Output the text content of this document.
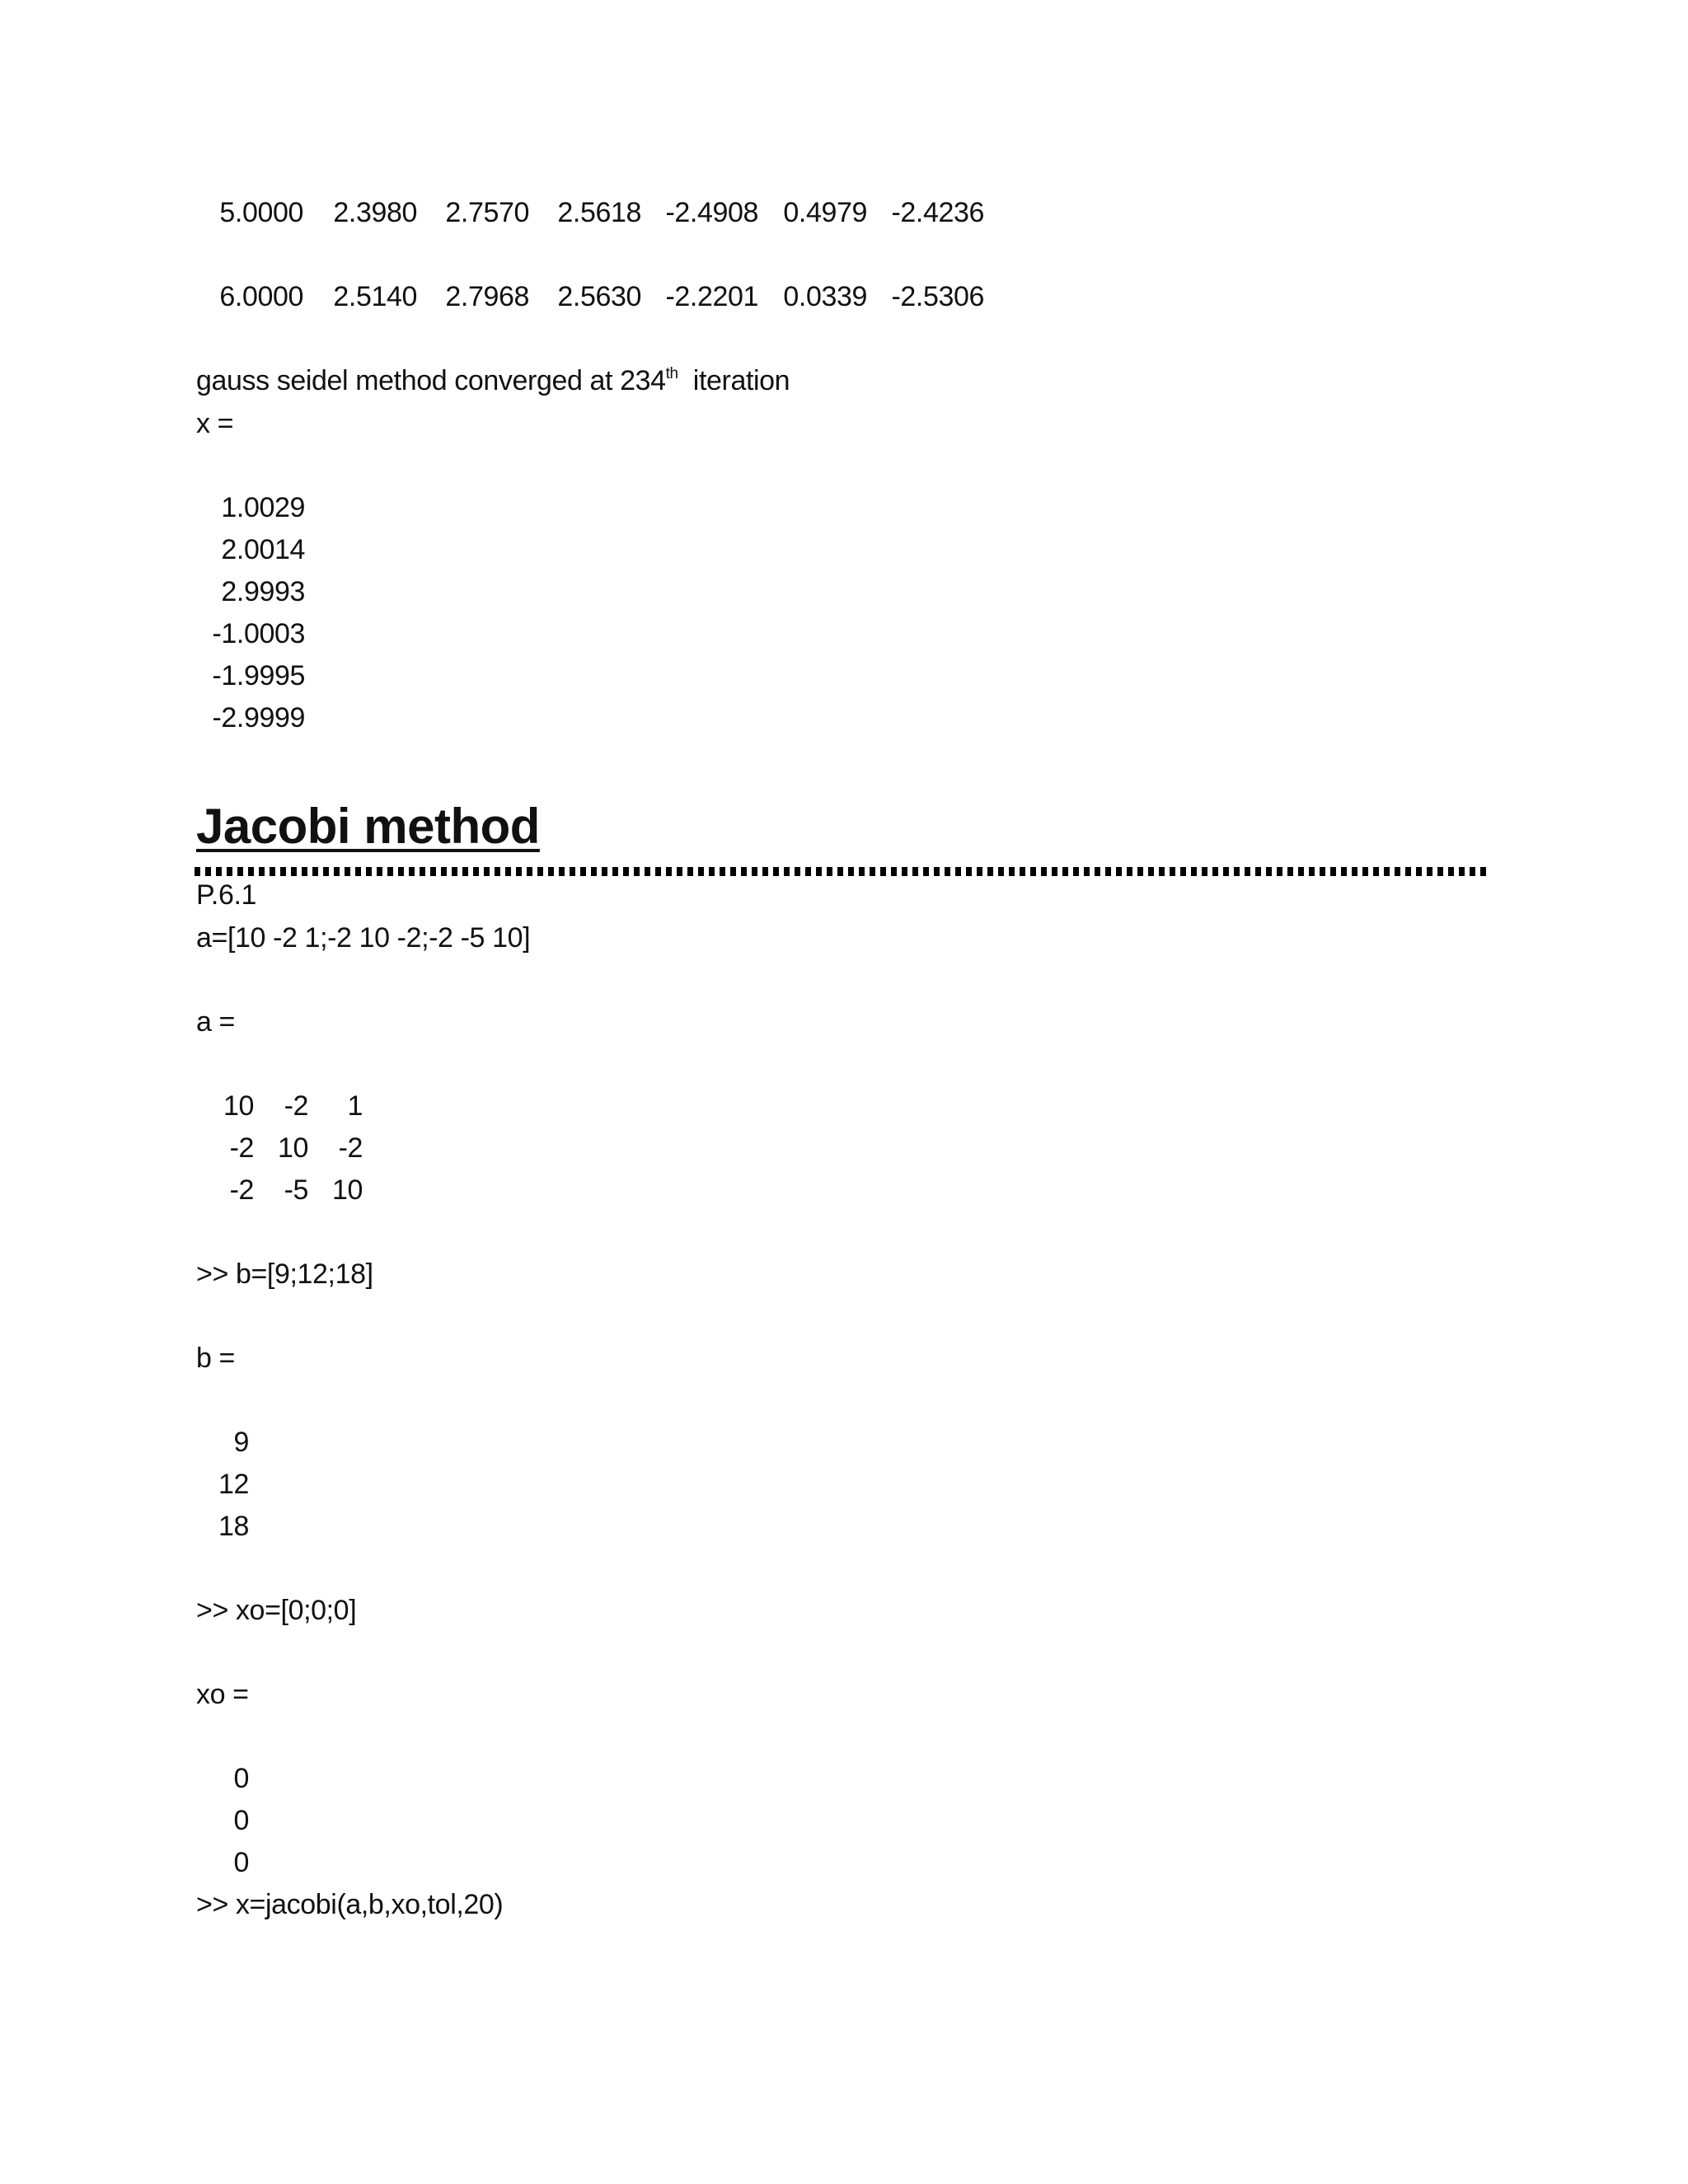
5.0000	2.3980	2.7570	2.5618 -2.4908 0.4979 -2.4236
6.0000	2.5140	2.7968	2.5630 -2.2201 0.0339 -2.5306
gauss seidel method converged at 234th  iteration
x =
1.0029
2.0014
2.9993
-1.0003
-1.9995
-2.9999
Jacobi method
P.6.1
a=[10 -2 1;-2 10 -2;-2 -5 10]
a =
10	-2	1
-2 10	-2
-2	-5 10
>> b=[9;12;18]
b =
9
12
18
>> xo=[0;0;0]
xo =
0
0
0
>> x=jacobi(a,b,xo,tol,20)
